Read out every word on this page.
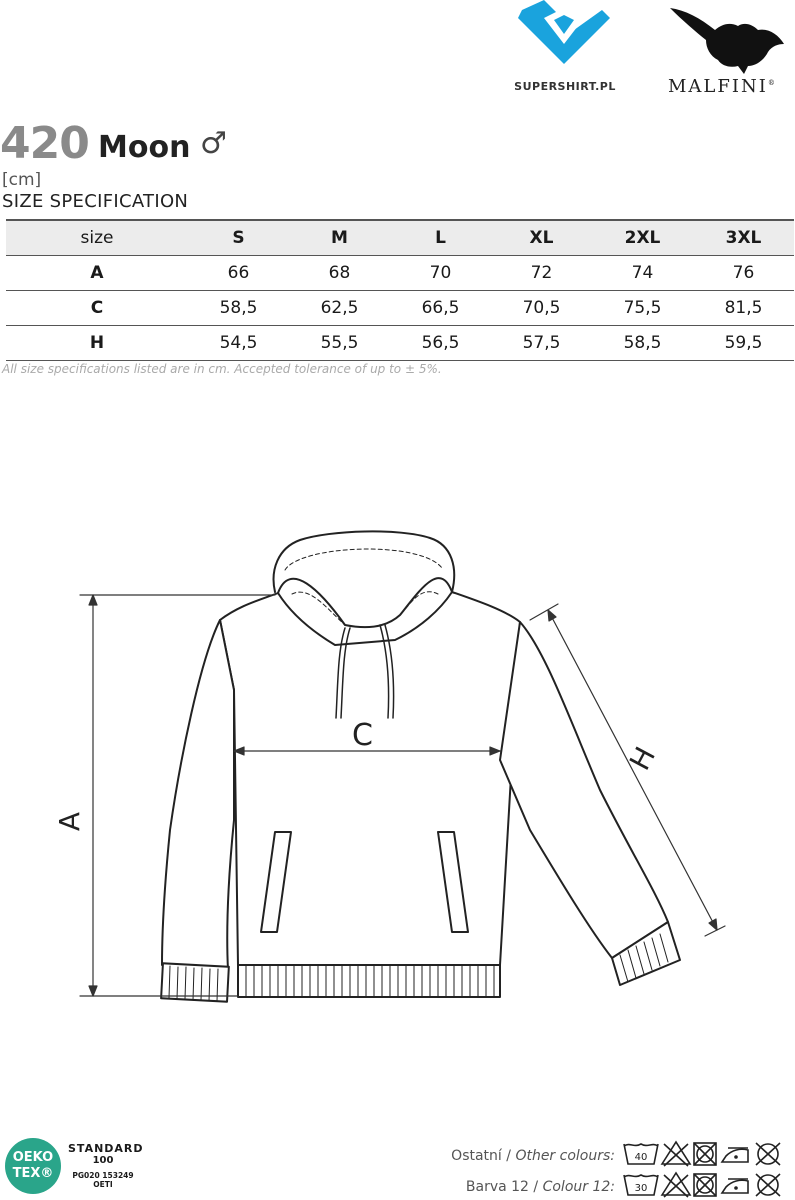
SUPERSHIRT.PL	MALFINI®
420 Moon ♂
[cm]
SIZE SPECIFICATION
size	S	M	L	XL	2XL	3XL
A	66	68	70	72	74	76
C	58,5	62,5	66,5	70,5	75,5	81,5
H	54,5	55,5	56,5	57,5	58,5	59,5
All size specifications listed are in cm. Accepted tolerance of up to ± 5%.
A
C
H
OEKO
TEX®
STANDARD
100
PG020 153249
OETI
Ostatní / Other colours: 40
Barva 12 / Colour 12: 30
